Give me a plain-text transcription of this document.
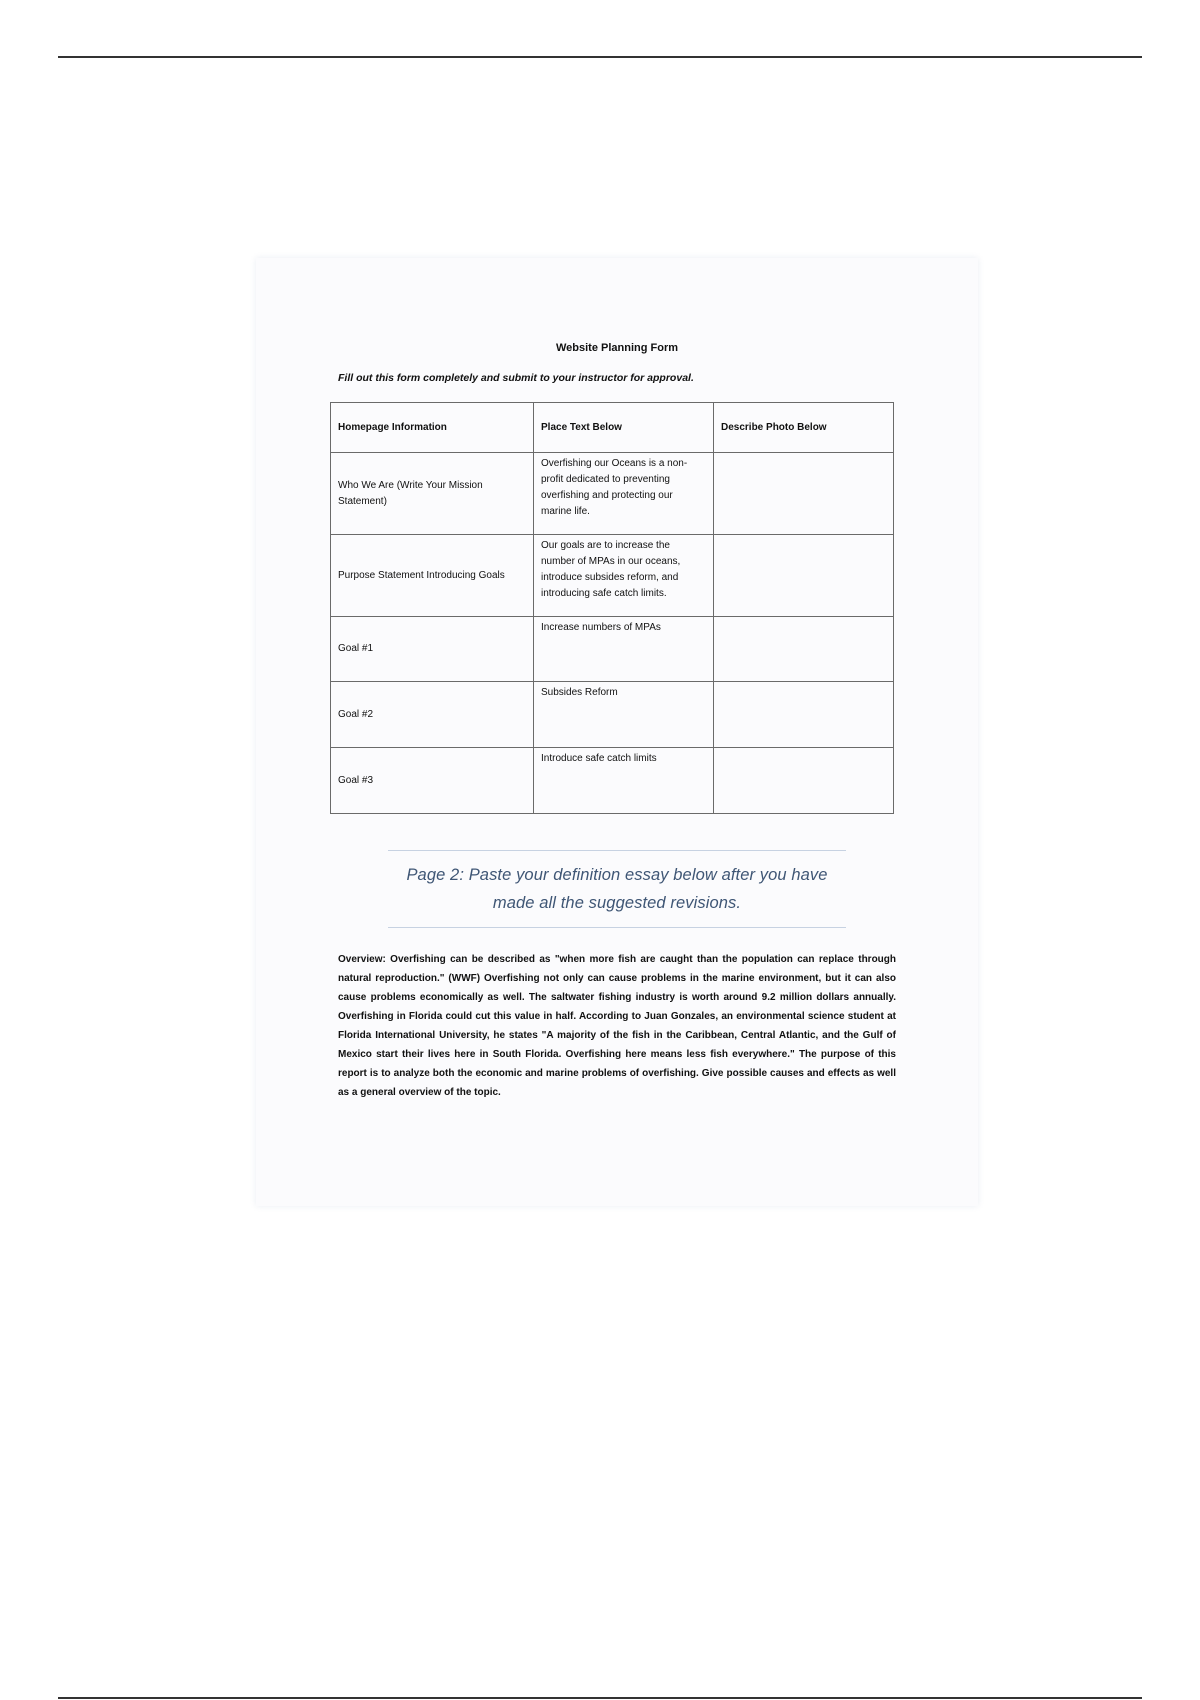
Website Planning Form
Fill out this form completely and submit to your instructor for approval.
Homepage Information	Place Text Below	Describe Photo Below
Who We Are (Write Your Mission Statement)	Overfishing our Oceans is a non-profit dedicated to preventing overfishing and protecting our marine life.	
Purpose Statement Introducing Goals	Our goals are to increase the number of MPAs in our oceans, introduce subsides reform, and introducing safe catch limits.	
Goal #1	Increase numbers of MPAs	
Goal #2	Subsides Reform	
Goal #3	Introduce safe catch limits	
Page 2: Paste your definition essay below after you have
made all the suggested revisions.
Overview: Overfishing can be described as "when more fish are caught than the population can replace through natural reproduction." (WWF) Overfishing not only can cause problems in the marine environment, but it can also cause problems economically as well. The saltwater fishing industry is worth around 9.2 million dollars annually. Overfishing in Florida could cut this value in half. According to Juan Gonzales, an environmental science student at Florida International University, he states "A majority of the fish in the Caribbean, Central Atlantic, and the Gulf of Mexico start their lives here in South Florida. Overfishing here means less fish everywhere." The purpose of this report is to analyze both the economic and marine problems of overfishing. Give possible causes and effects as well as a general overview of the topic.
